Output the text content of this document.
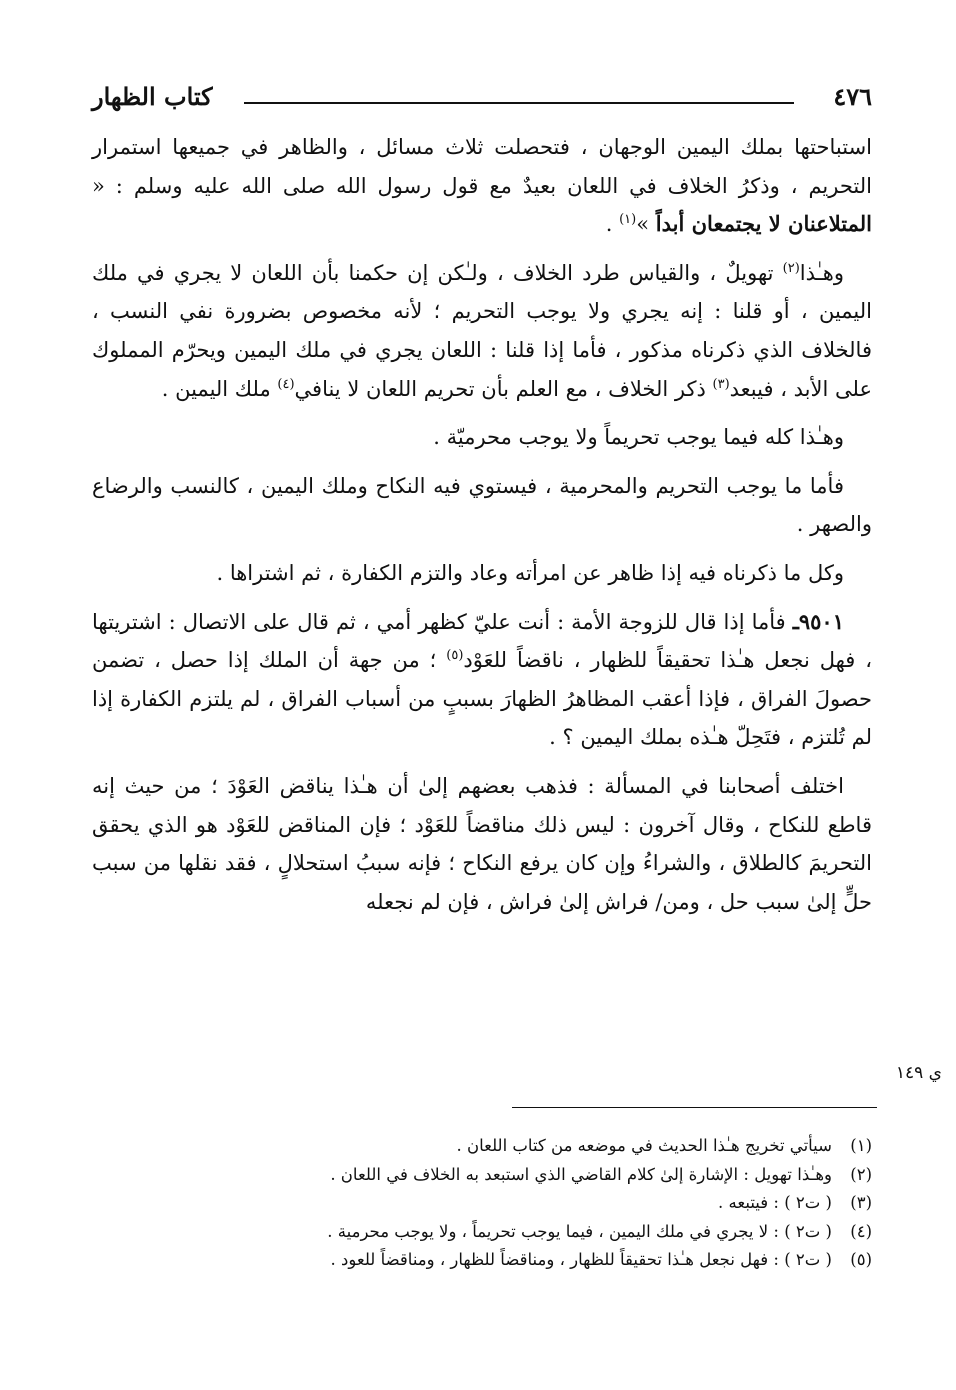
٤٧٦
كتاب الظهار

استباحتها بملك اليمين الوجهان ، فتحصلت ثلاث مسائل ، والظاهر في جميعها استمرار التحريم ، وذكرُ الخلاف في اللعان بعيدٌ مع قول رسول الله صلى الله عليه وسلم : « المتلاعنان لا يجتمعان أبداً »$^{(١)}$ .

وهـٰذا$^{(٢)}$ تهويلٌ ، والقياس طرد الخلاف ، ولـٰكن إن حكمنا بأن اللعان لا يجري في ملك اليمين ، أو قلنا : إنه يجري ولا يوجب التحريم ؛ لأنه مخصوص بضرورة نفي النسب ، فالخلاف الذي ذكرناه مذكور ، فأما إذا قلنا : اللعان يجري في ملك اليمين ويحرّم المملوك على الأبد ، فيبعد$^{(٣)}$ ذكر الخلاف ، مع العلم بأن تحريم اللعان لا ينافي$^{(٤)}$ ملك اليمين .

وهـٰذا كله فيما يوجب تحريماً ولا يوجب محرميّة .

فأما ما يوجب التحريم والمحرمية ، فيستوي فيه النكاح وملك اليمين ، كالنسب والرضاع والصهر .

وكل ما ذكرناه فيه إذا ظاهر عن امرأته وعاد والتزم الكفارة ، ثم اشتراها .

٩٥٠١ـ فأما إذا قال للزوجة الأمة : أنت عليّ كظهر أمي ، ثم قال على الاتصال : اشتريتها ، فهل نجعل هـٰذا تحقيقاً للظهار ، ناقضاً للعَوْد$^{(٥)}$ ؛ من جهة أن الملك إذا حصل ، تضمن حصولَ الفراق ، فإذا أعقب المظاهرُ الظهارَ بسببٍ من أسباب الفراق ، لم يلتزم الكفارة إذا لم تُلتزم ، فتَحِلّ هـٰذه بملك اليمين ؟ .

اختلف أصحابنا في المسألة : فذهب بعضهم إلىٰ أن هـٰذا يناقض العَوْدَ ؛ من حيث إنه قاطع للنكاح ، وقال آخرون : ليس ذلك مناقضاً للعَوْد ؛ فإن المناقض للعَوْد هو الذي يحقق التحريمَ كالطلاق ، والشراءُ وإن كان يرفع النكاح ؛ فإنه سببُ استحلالٍ ، فقد نقلها من سبب حلٍّ إلىٰ سبب حل ، ومن/ فراش إلىٰ فراش ، فإن لم نجعله

ي ١٤٩
(١)سيأتي تخريج هـٰذا الحديث في موضعه من كتاب اللعان .
(٢)وهـٰذا تهويل : الإشارة إلىٰ كلام القاضي الذي استبعد به الخلاف في اللعان .
(٣)( ت٢ ) : فيتبعه .
(٤)( ت٢ ) : لا يجري في ملك اليمين ، فيما يوجب تحريماً ، ولا يوجب محرمية .
(٥)( ت٢ ) : فهل نجعل هـٰذا تحقيقاً للظهار ، ومناقضاً للظهار ، ومناقضاً للعود .
